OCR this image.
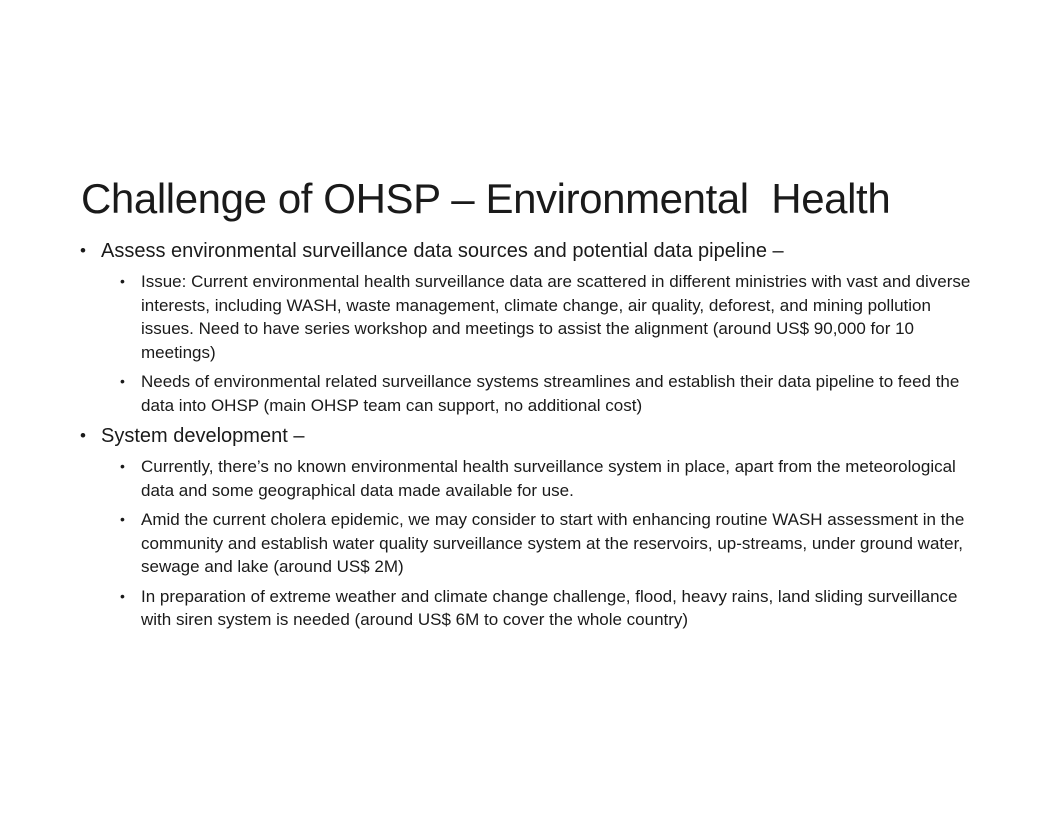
Challenge of OHSP – Environmental  Health
• Assess environmental surveillance data sources and potential data pipeline –
• Issue: Current environmental health surveillance data are scattered in different ministries with vast and diverse interests, including WASH, waste management, climate change, air quality, deforest, and mining pollution issues. Need to have series workshop and meetings to assist the alignment (around US$ 90,000 for 10 meetings)
• Needs of environmental related surveillance systems streamlines and establish their data pipeline to feed the data into OHSP (main OHSP team can support, no additional cost)
• System development –
• Currently, there’s no known environmental health surveillance system in place, apart from the meteorological data and some geographical data made available for use.
• Amid the current cholera epidemic, we may consider to start with enhancing routine WASH assessment in the community and establish water quality surveillance system at the reservoirs, up-streams, under ground water, sewage and lake (around US$ 2M)
• In preparation of extreme weather and climate change challenge, flood, heavy rains, land sliding surveillance with siren system is needed (around US$ 6M to cover the whole country)
